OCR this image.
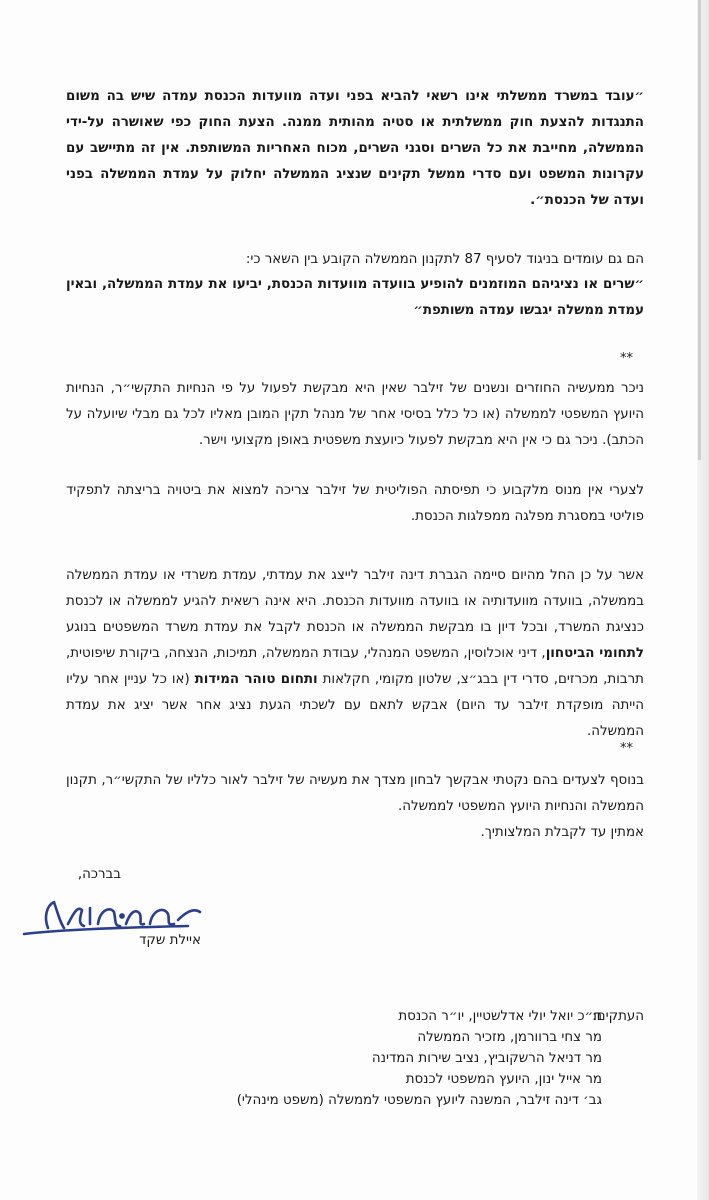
״עובד במשרד ממשלתי אינו רשאי להביא בפני ועדה מוועדות הכנסת עמדה שיש בה משום התנגדות להצעת חוק ממשלתית או סטיה מהותית ממנה. הצעת החוק כפי שאושרה על-ידי הממשלה, מחייבת את כל השרים וסגני השרים, מכוח האחריות המשותפת. אין זה מתיישב עם עקרונות המשפט ועם סדרי ממשל תקינים שנציג הממשלה יחלוק על עמדת הממשלה בפני ועדה של הכנסת״.

הם גם עומדים בניגוד לסעיף 87 לתקנון הממשלה הקובע בין השאר כי:

״שרים או נציגיהם המוזמנים להופיע בוועדה מוועדות הכנסת, יביעו את עמדת הממשלה, ובאין עמדת ממשלה יגבשו עמדה משותפת״

**

ניכר ממעשיה החוזרים ונשנים של זילבר שאין היא מבקשת לפעול על פי הנחיות התקשי״ר, הנחיות היועץ המשפטי לממשלה (או כל כלל בסיסי אחר של מנהל תקין המובן מאליו לכל גם מבלי שיועלה על הכתב). ניכר גם כי אין היא מבקשת לפעול כיועצת משפטית באופן מקצועי וישר.

לצערי אין מנוס מלקבוע כי תפיסתה הפוליטית של זילבר צריכה למצוא את ביטויה בריצתה לתפקיד פוליטי במסגרת מפלגה ממפלגות הכנסת.

אשר על כן החל מהיום סיימה הגברת דינה זילבר לייצג את עמדתי, עמדת משרדי או עמדת הממשלה בממשלה, בוועדה מוועדותיה או בוועדה מוועדות הכנסת. היא אינה רשאית להגיע לממשלה או לכנסת כנציגת המשרד, ובכל דיון בו מבקשת הממשלה או הכנסת לקבל את עמדת משרד המשפטים בנוגע לתחומי הביטחון, דיני אוכלוסין, המשפט המנהלי, עבודת הממשלה, תמיכות, הנצחה, ביקורת שיפוטית, תרבות, מכרזים, סדרי דין בבג״צ, שלטון מקומי, חקלאות ותחום טוהר המידות (או כל עניין אחר עליו הייתה מופקדת זילבר עד היום) אבקש לתאם עם לשכתי הגעת נציג אחר אשר יציג את עמדת הממשלה.

**

בנוסף לצעדים בהם נקטתי אבקשך לבחון מצדך את מעשיה של זילבר לאור כלליו של התקשי״ר, תקנון הממשלה והנחיות היועץ המשפטי לממשלה.

אמתין עד לקבלת המלצותיך.

בברכה,
איילת שקד
העתקים:
ח״כ יואל יולי אדלשטיין, יו״ר הכנסת
מר צחי ברוורמן, מזכיר הממשלה
מר דניאל הרשקוביץ, נציב שירות המדינה
מר אייל ינון, היועץ המשפטי לכנסת
גב׳ דינה זילבר, המשנה ליועץ המשפטי לממשלה (משפט מינהלי)
